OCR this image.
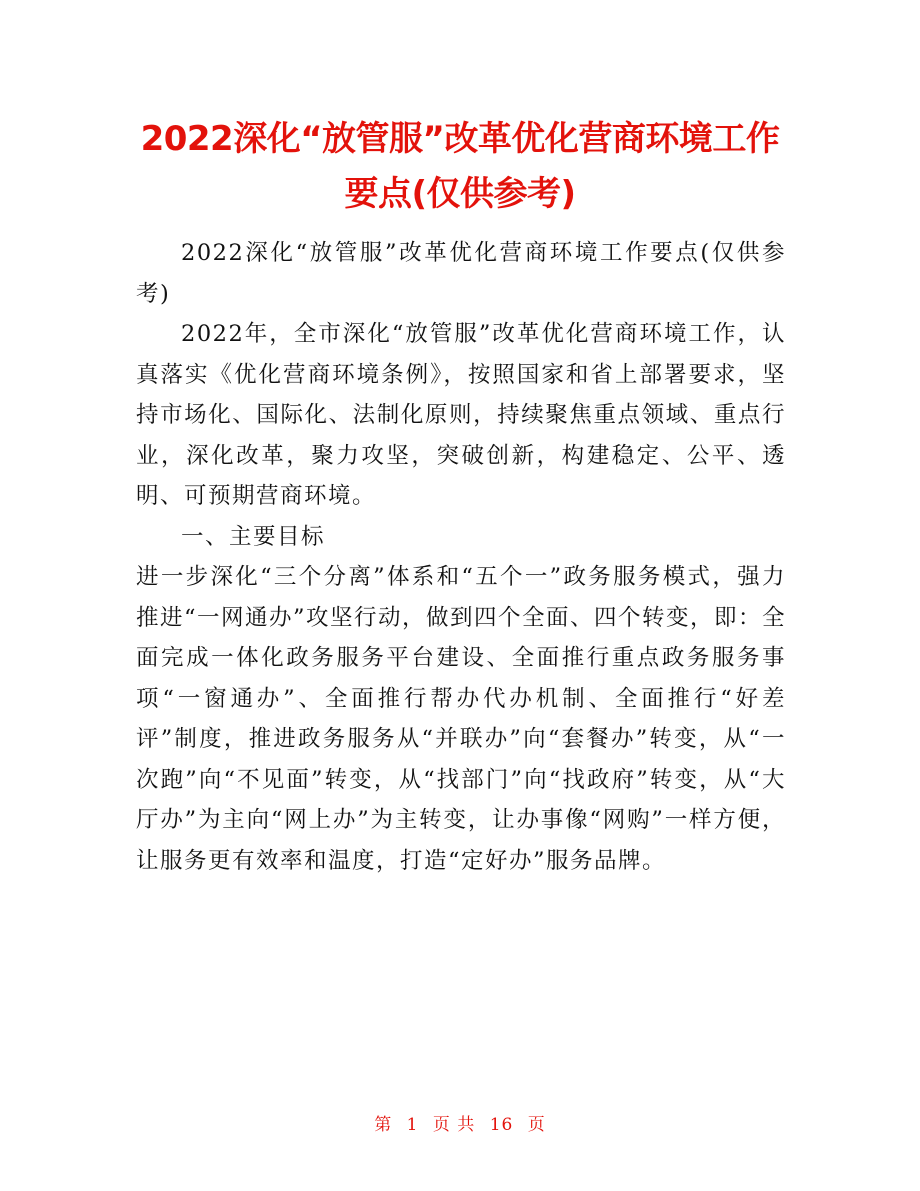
2022深化“放管服”改革优化营商环境工作要点(仅供参考)

2022深化“放管服”改革优化营商环境工作要点(仅供参考)

2022年，全市深化“放管服”改革优化营商环境工作，认真落实《优化营商环境条例》，按照国家和省上部署要求，坚持市场化、国际化、法制化原则，持续聚焦重点领域、重点行业，深化改革，聚力攻坚，突破创新，构建稳定、公平、透明、可预期营商环境。

一、主要目标

进一步深化“三个分离”体系和“五个一”政务服务模式，强力推进“一网通办”攻坚行动，做到四个全面、四个转变，即：全面完成一体化政务服务平台建设、全面推行重点政务服务事项“一窗通办”、全面推行帮办代办机制、全面推行“好差评”制度，推进政务服务从“并联办”向“套餐办”转变，从“一次跑”向“不见面”转变，从“找部门”向“找政府”转变，从“大厅办”为主向“网上办”为主转变，让办事像“网购”一样方便，让服务更有效率和温度，打造“定好办”服务品牌。

第 1 页 共 16 页
